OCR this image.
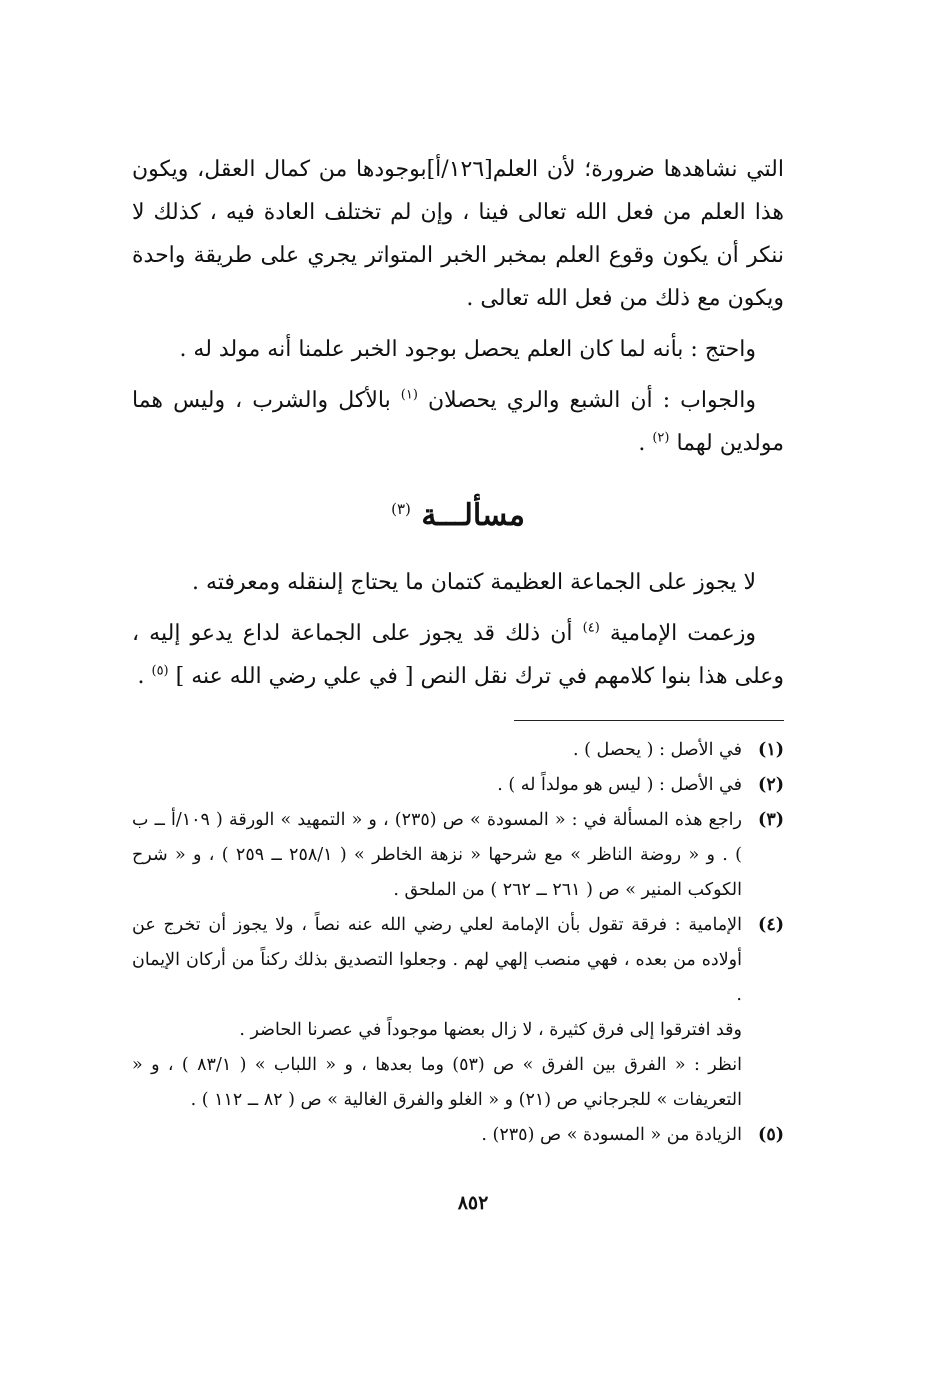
التي نشاهدها ضرورة؛ لأن العلم[١٢٦/أ]بوجودها من كمال العقل، ويكون هذا العلم من فعل الله تعالى فينا ، وإن لم تختلف العادة فيه ، كذلك لا ننكر أن يكون وقوع العلم بمخبر الخبر المتواتر يجري على طريقة واحدة ويكون مع ذلك من فعل الله تعالى .

واحتج : بأنه لما كان العلم يحصل بوجود الخبر علمنا أنه مولد له .

والجواب : أن الشبع والري يحصلان $^{(١)}$ بالأكل والشرب ، وليس هما مولدين لهما $^{(٢)}$ .

مسألـــة $^{(٣)}$

لا يجوز على الجماعة العظيمة كتمان ما يحتاج إلىنقله ومعرفته .

وزعمت الإمامية $^{(٤)}$ أن ذلك قد يجوز على الجماعة لداع يدعو إليه ، وعلى هذا بنوا كلامهم في ترك نقل النص [ في علي رضي الله عنه ] $^{(٥)}$ .

(١)

في الأصل : ( يحصل ) .

(٢)

في الأصل : ( ليس هو مولداً له ) .

(٣)

راجع هذه المسألة في : « المسودة » ص (٢٣٥) ، و « التمهيد » الورقة ( ١٠٩/أ ــ ب ) . و « روضة الناظر » مع شرحها « نزهة الخاطر » ( ٢٥٨/١ ــ ٢٥٩ ) ، و « شرح الكوكب المنير » ص ( ٢٦١ ــ ٢٦٢ ) من الملحق .

(٤)

الإمامية : فرقة تقول بأن الإمامة لعلي رضي الله عنه نصاً ، ولا يجوز أن تخرج عن أولاده من بعده ، فهي منصب إلهي لهم . وجعلوا التصديق بذلك ركناً من أركان الإيمان .

وقد افترقوا إلى فرق كثيرة ، لا زال بعضها موجوداً في عصرنا الحاضر .

انظر : « الفرق بين الفرق » ص (٥٣) وما بعدها ، و « اللباب » ( ٨٣/١ ) ، و « التعريفات » للجرجاني ص (٢١) و « الغلو والفرق الغالية » ص ( ٨٢ ــ ١١٢ ) .

(٥)

الزيادة من « المسودة » ص (٢٣٥) .

٨٥٢
